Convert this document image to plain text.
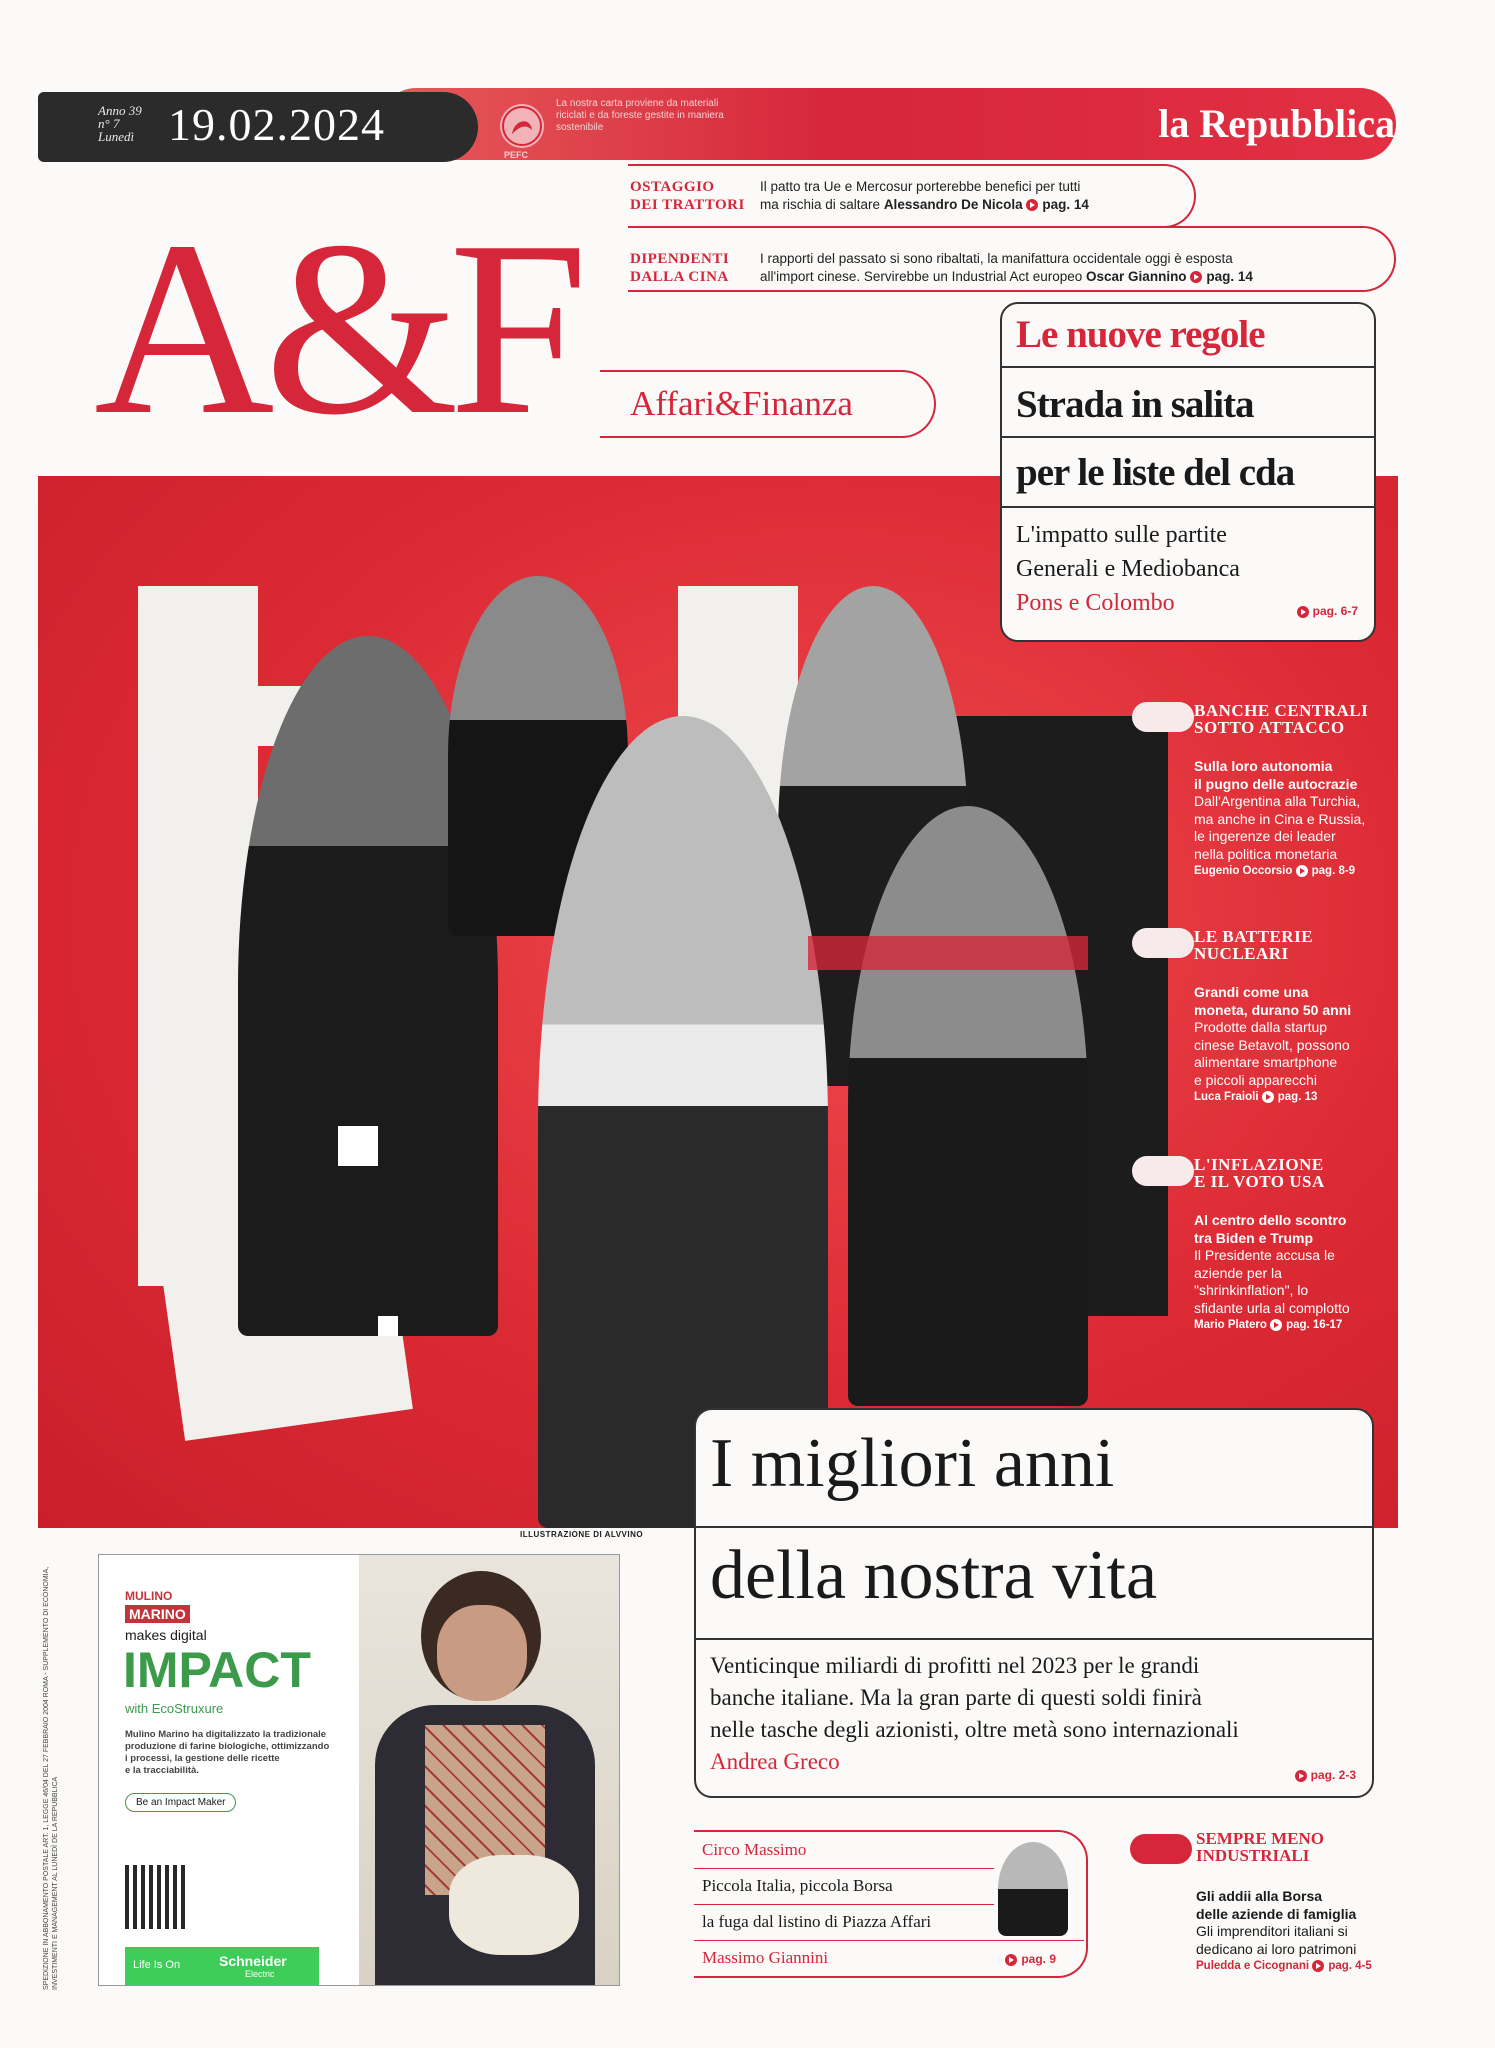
Anno 39
n° 7
Lunedì 19.02.2024
PEFC
La nostra carta proviene da materiali riciclati e da foreste gestite in maniera sostenibile	la Repubblica
OSTAGGIO
DEI TRATTORI
Il patto tra Ue e Mercosur porterebbe benefici per tutti
ma rischia di saltare Alessandro De Nicola pag. 14
DIPENDENTI
DALLA CINA
I rapporti del passato si sono ribaltati, la manifattura occidentale oggi è esposta
all'import cinese. Servirebbe un Industrial Act europeo Oscar Giannino pag. 14
A&F Affari&Finanza
Le nuove regole
Strada in salita
per le liste del cda
L'impatto sulle partite
Generali e Mediobanca
Pons e Colombo	pag. 6-7
BANCHE CENTRALI
SOTTO ATTACCO
Sulla loro autonomia
il pugno delle autocrazie
Dall'Argentina alla Turchia,
ma anche in Cina e Russia,
le ingerenze dei leader
nella politica monetaria
Eugenio Occorsio pag. 8-9
LE BATTERIE
NUCLEARI
Grandi come una
moneta, durano 50 anni
Prodotte dalla startup
cinese Betavolt, possono
alimentare smartphone
e piccoli apparecchi
Luca Fraioli pag. 13
L'INFLAZIONE
E IL VOTO USA
Al centro dello scontro
tra Biden e Trump
Il Presidente accusa le
aziende per la
"shrinkinflation", lo
sfidante urla al complotto
Mario Platero pag. 16-17
ILLUSTRAZIONE DI ALVVINO
I migliori anni
della nostra vita
Venticinque miliardi di profitti nel 2023 per le grandi
banche italiane. Ma la gran parte di questi soldi finirà
nelle tasche degli azionisti, oltre metà sono internazionali
Andrea Greco
pag. 2-3
MULINO
MARINO
makes digital
IMPACT
with EcoStruxure
Mulino Marino ha digitalizzato la tradizionale
produzione di farine biologiche, ottimizzando
i processi, la gestione delle ricette
e la tracciabilità.
Be an Impact Maker
Life Is On	Schneider
Electric
Circo Massimo
Piccola Italia, piccola Borsa
la fuga dal listino di Piazza Affari
Massimo Giannini	pag. 9
SEMPRE MENO
INDUSTRIALI
Gli addii alla Borsa
delle aziende di famiglia
Gli imprenditori italiani si
dedicano ai loro patrimoni
Puledda e Cicognani pag. 4-5
SPEDIZIONE IN ABBONAMENTO POSTALE ART. 1, LEGGE 46/04 DEL 27 FEBBRAIO 2004 ROMA - SUPPLEMENTO DI ECONOMIA, INVESTIMENTI E MANAGEMENT AL LUNEDÌ DE LA REPUBBLICA
